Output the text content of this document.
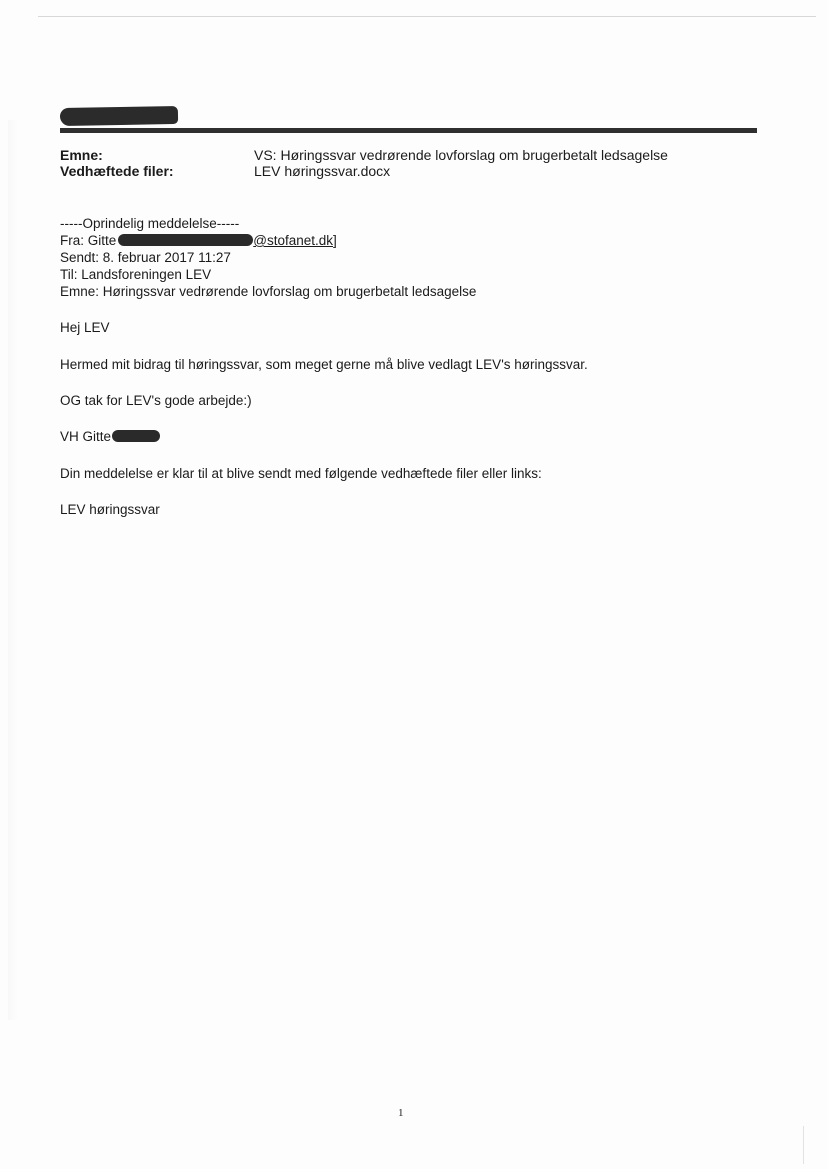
Emne:	VS: Høringssvar vedrørende lovforslag om brugerbetalt ledsagelse
Vedhæftede filer:	LEV høringssvar.docx
-----Oprindelig meddelelse-----
Fra: Gitte	@stofanet.dk]
Sendt: 8. februar 2017 11:27
Til: Landsforeningen LEV
Emne: Høringssvar vedrørende lovforslag om brugerbetalt ledsagelse
Hej LEV
Hermed mit bidrag til høringssvar, som meget gerne må blive vedlagt LEV's høringssvar.
OG tak for LEV's gode arbejde:)
VH Gitte
Din meddelelse er klar til at blive sendt med følgende vedhæftede filer eller links:
LEV høringssvar
1
